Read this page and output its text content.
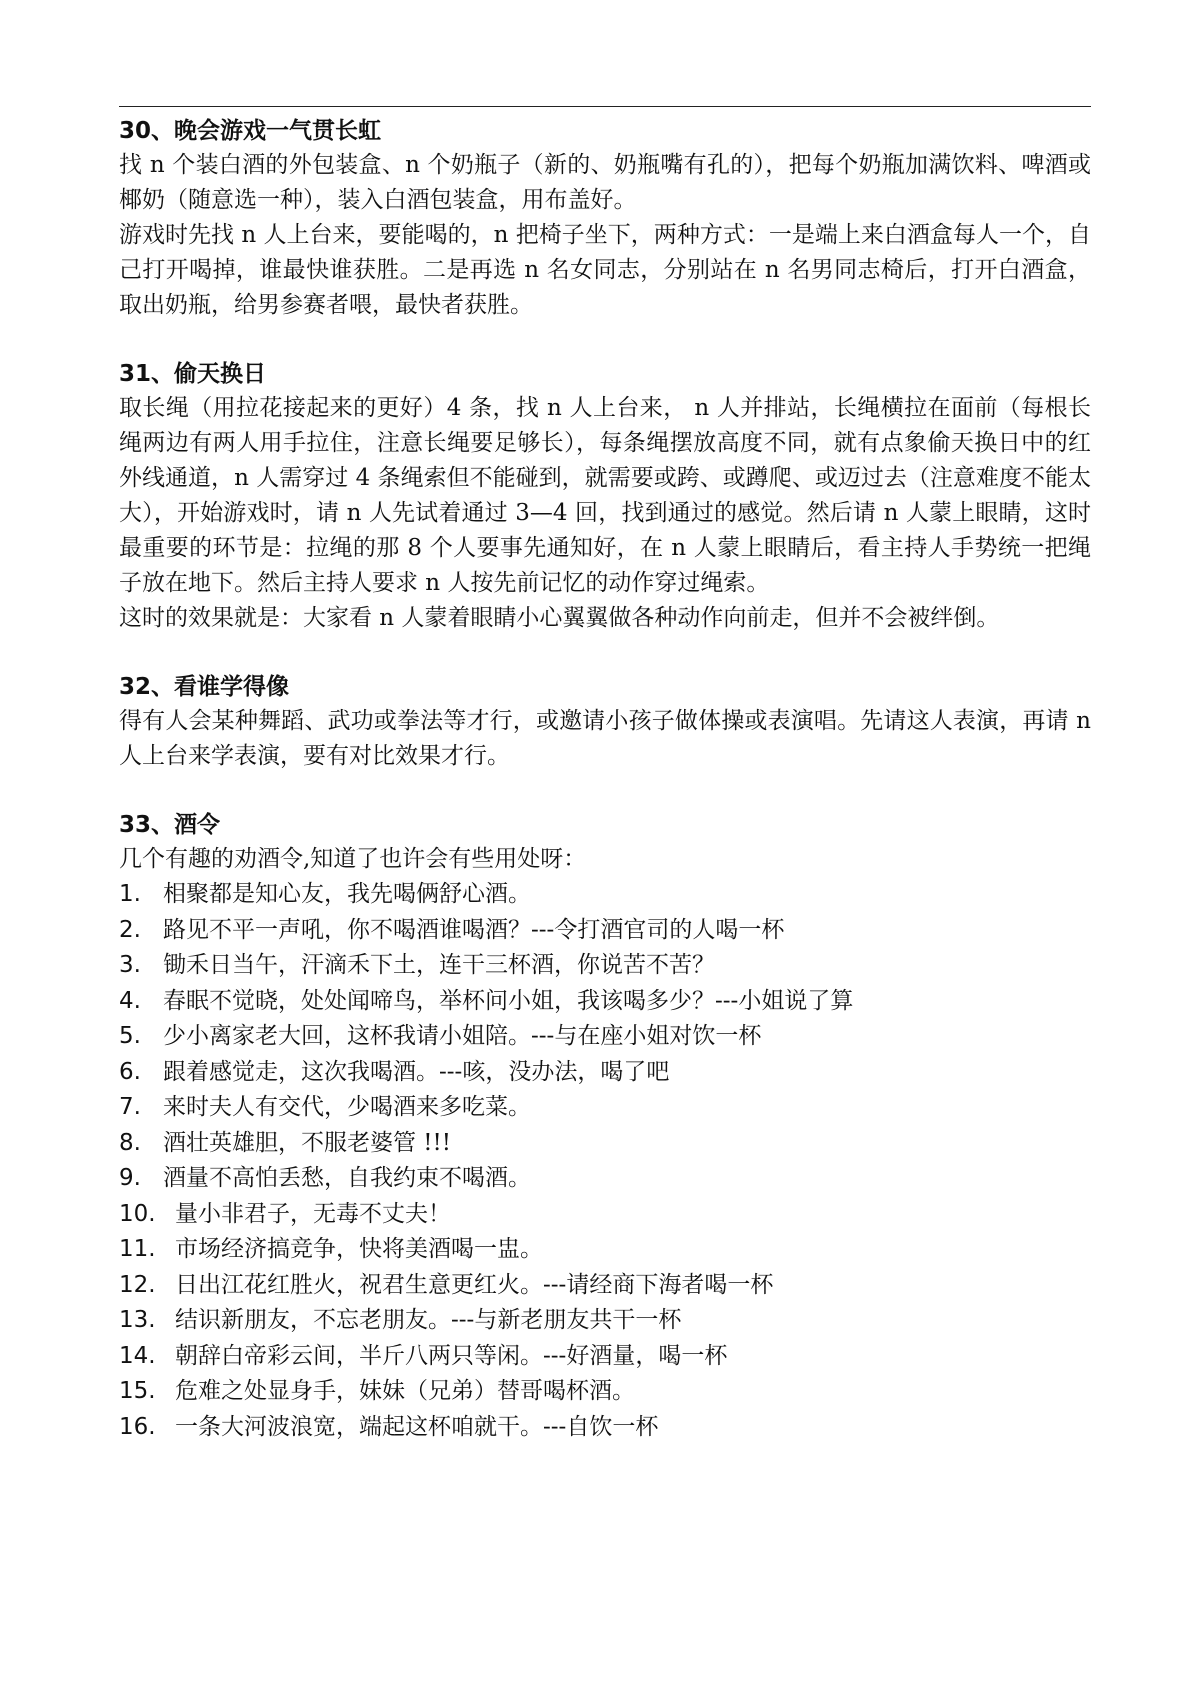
30、晚会游戏一气贯长虹

找 n 个装白酒的外包装盒、n 个奶瓶子（新的、奶瓶嘴有孔的），把每个奶瓶加满饮料、啤酒或椰奶（随意选一种），装入白酒包装盒，用布盖好。

游戏时先找 n 人上台来，要能喝的，n 把椅子坐下，两种方式：一是端上来白酒盒每人一个，自己打开喝掉，谁最快谁获胜。二是再选 n 名女同志，分别站在 n 名男同志椅后，打开白酒盒，取出奶瓶，给男参赛者喂，最快者获胜。

31、偷天换日

取长绳（用拉花接起来的更好）4 条，找 n 人上台来， n 人并排站，长绳横拉在面前（每根长绳两边有两人用手拉住，注意长绳要足够长），每条绳摆放高度不同，就有点象偷天换日中的红外线通道，n 人需穿过 4 条绳索但不能碰到，就需要或跨、或蹲爬、或迈过去（注意难度不能太大），开始游戏时，请 n 人先试着通过 3—4 回，找到通过的感觉。然后请 n 人蒙上眼睛，这时最重要的环节是：拉绳的那 8 个人要事先通知好，在 n 人蒙上眼睛后，看主持人手势统一把绳子放在地下。然后主持人要求 n 人按先前记忆的动作穿过绳索。

这时的效果就是：大家看 n 人蒙着眼睛小心翼翼做各种动作向前走，但并不会被绊倒。

32、看谁学得像

得有人会某种舞蹈、武功或拳法等才行，或邀请小孩子做体操或表演唱。先请这人表演，再请 n 人上台来学表演，要有对比效果才行。

33、酒令

几个有趣的劝酒令,知道了也许会有些用处呀：

1. 相聚都是知心友，我先喝俩舒心酒。
2. 路见不平一声吼，你不喝酒谁喝酒？---令打酒官司的人喝一杯
3. 锄禾日当午，汗滴禾下土，连干三杯酒，你说苦不苦？
4. 春眠不觉晓，处处闻啼鸟，举杯问小姐，我该喝多少？---小姐说了算
5. 少小离家老大回，这杯我请小姐陪。---与在座小姐对饮一杯
6. 跟着感觉走，这次我喝酒。---咳，没办法，喝了吧
7. 来时夫人有交代，少喝酒来多吃菜。
8. 酒壮英雄胆，不服老婆管 !!!
9. 酒量不高怕丢愁，自我约束不喝酒。
10. 量小非君子，无毒不丈夫！
11. 市场经济搞竞争，快将美酒喝一盅。
12. 日出江花红胜火，祝君生意更红火。---请经商下海者喝一杯
13. 结识新朋友，不忘老朋友。---与新老朋友共干一杯
14. 朝辞白帝彩云间，半斤八两只等闲。---好酒量，喝一杯
15. 危难之处显身手，妹妹（兄弟）替哥喝杯酒。
16. 一条大河波浪宽，端起这杯咱就干。---自饮一杯
